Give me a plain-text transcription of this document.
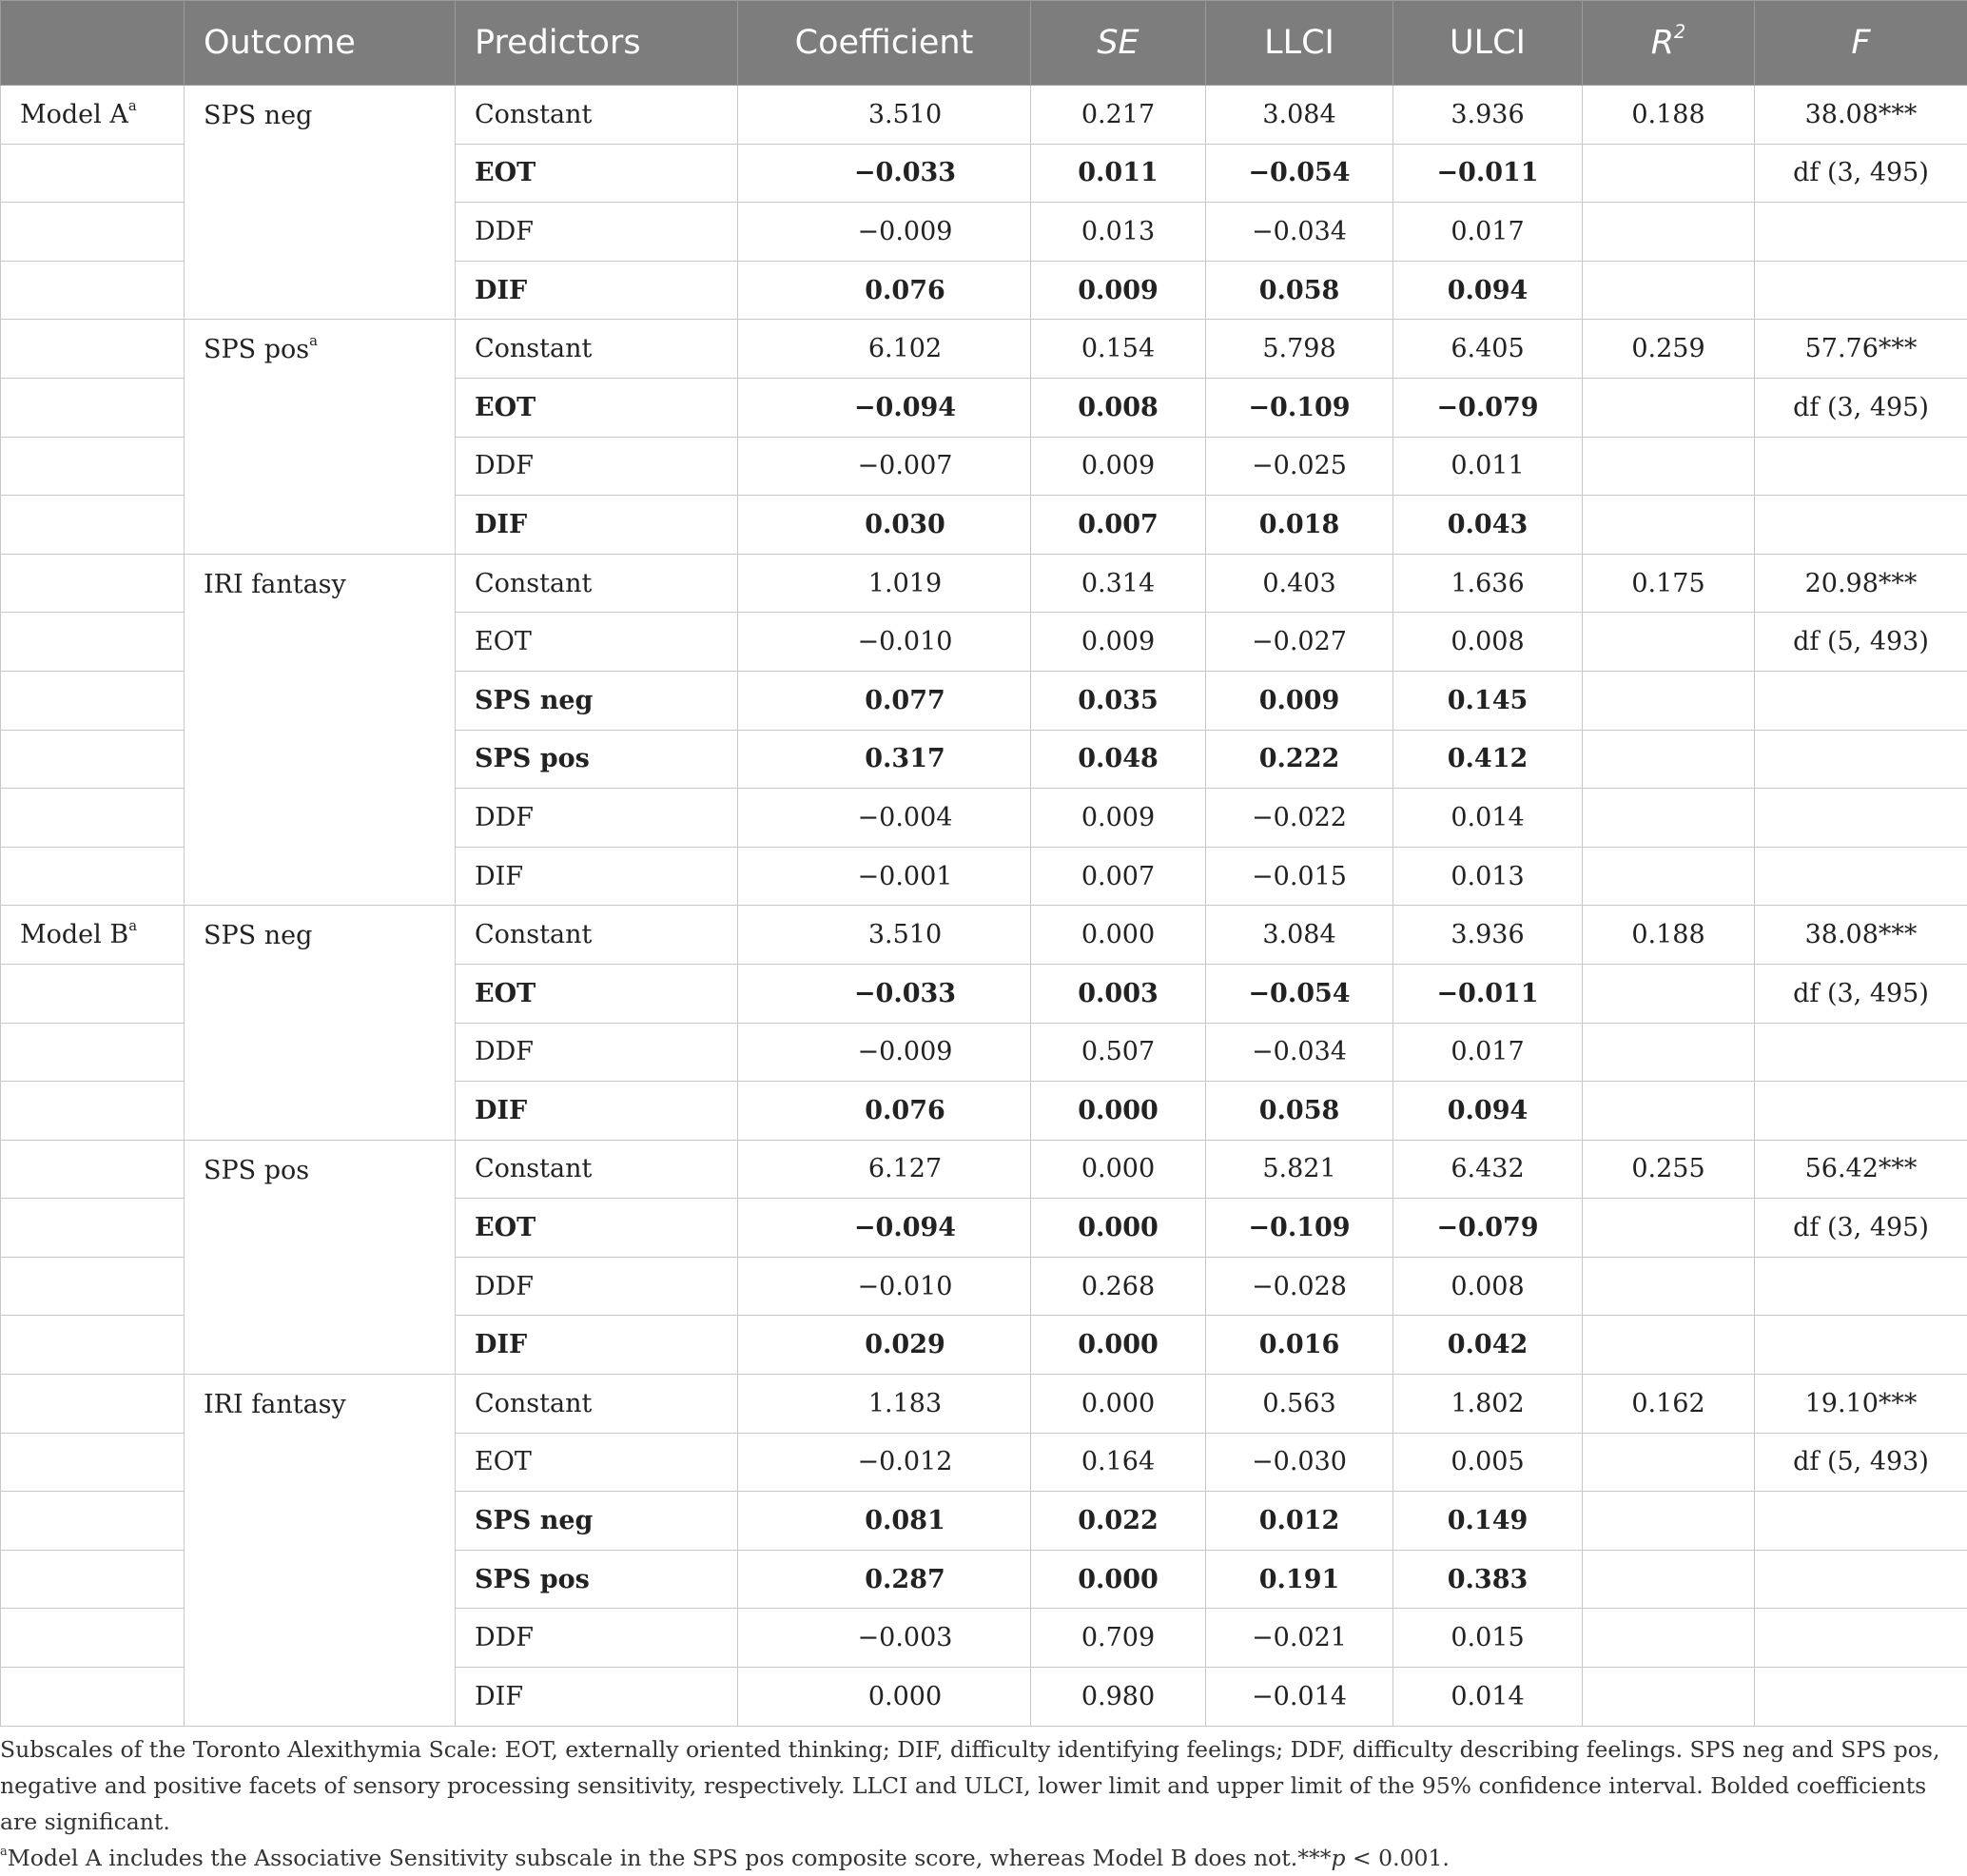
	Outcome	Predictors	Coefficient	SE	LLCI	ULCI	$R^2$	F
Model $A^a$	SPS neg	Constant	3.510	0.217	3.084	3.936	0.188	38.08***
		EOT	−0.033	0.011	−0.054	−0.011		df (3, 495)
		DDF	−0.009	0.013	−0.034	0.017		
		DIF	0.076	0.009	0.058	0.094		
	SPS pos$^a$	Constant	6.102	0.154	5.798	6.405	0.259	57.76***
		EOT	−0.094	0.008	−0.109	−0.079		df (3, 495)
		DDF	−0.007	0.009	−0.025	0.011		
		DIF	0.030	0.007	0.018	0.043		
	IRI fantasy	Constant	1.019	0.314	0.403	1.636	0.175	20.98***
		EOT	−0.010	0.009	−0.027	0.008		df (5, 493)
		SPS neg	0.077	0.035	0.009	0.145		
		SPS pos	0.317	0.048	0.222	0.412		
		DDF	−0.004	0.009	−0.022	0.014		
		DIF	−0.001	0.007	−0.015	0.013		
Model $B^a$	SPS neg	Constant	3.510	0.000	3.084	3.936	0.188	38.08***
		EOT	−0.033	0.003	−0.054	−0.011		df (3, 495)
		DDF	−0.009	0.507	−0.034	0.017		
		DIF	0.076	0.000	0.058	0.094		
	SPS pos	Constant	6.127	0.000	5.821	6.432	0.255	56.42***
		EOT	−0.094	0.000	−0.109	−0.079		df (3, 495)
		DDF	−0.010	0.268	−0.028	0.008		
		DIF	0.029	0.000	0.016	0.042		
	IRI fantasy	Constant	1.183	0.000	0.563	1.802	0.162	19.10***
		EOT	−0.012	0.164	−0.030	0.005		df (5, 493)
		SPS neg	0.081	0.022	0.012	0.149		
		SPS pos	0.287	0.000	0.191	0.383		
		DDF	−0.003	0.709	−0.021	0.015		
		DIF	0.000	0.980	−0.014	0.014		

Subscales of the Toronto Alexithymia Scale: EOT, externally oriented thinking; DIF, difficulty identifying feelings; DDF, difficulty describing feelings. SPS neg and SPS pos, negative and positive facets of sensory processing sensitivity, respectively. LLCI and ULCI, lower limit and upper limit of the 95% confidence interval. Bolded coefficients are significant.

$^a$Model A includes the Associative Sensitivity subscale in the SPS pos composite score, whereas Model B does not.***p < 0.001.
